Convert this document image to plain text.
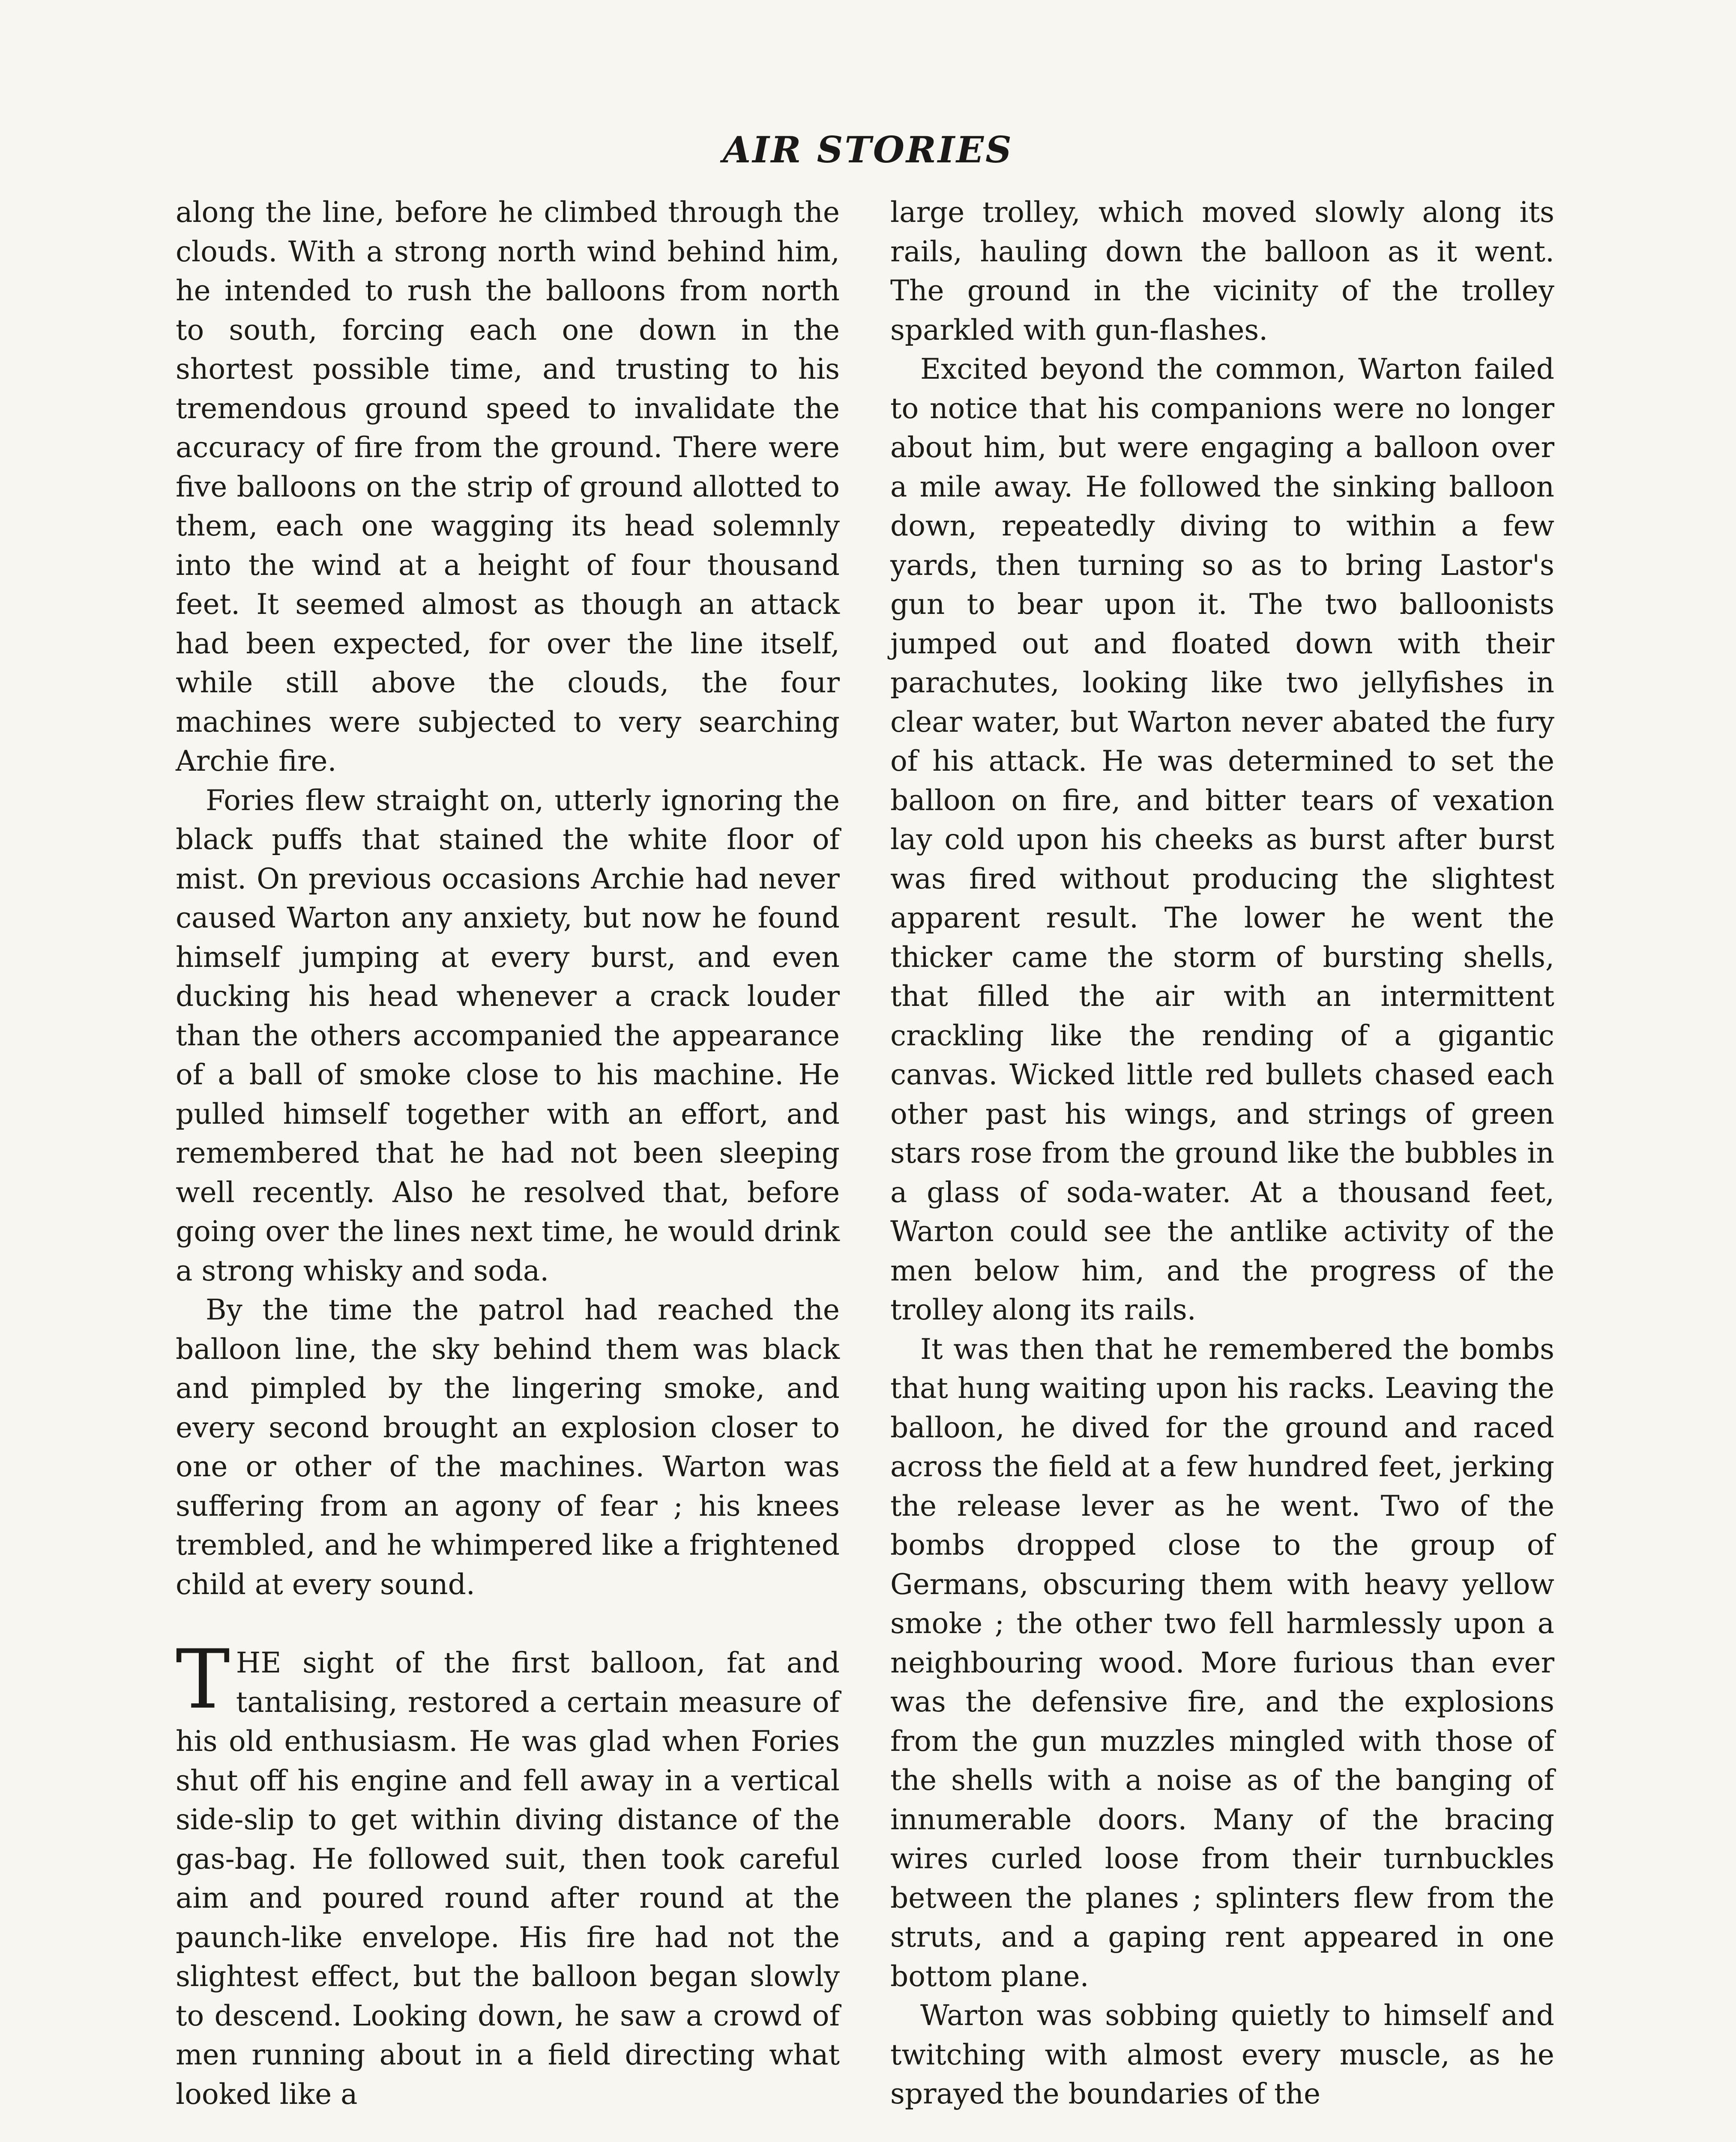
AIR STORIES

along the line, before he climbed through the clouds. With a strong north wind behind him, he intended to rush the balloons from north to south, forcing each one down in the shortest possible time, and trusting to his tremendous ground speed to invalidate the accuracy of fire from the ground. There were five balloons on the strip of ground allotted to them, each one wagging its head solemnly into the wind at a height of four thousand feet. It seemed almost as though an attack had been expected, for over the line itself, while still above the clouds, the four machines were subjected to very searching Archie fire.

Fories flew straight on, utterly ignoring the black puffs that stained the white floor of mist. On previous occasions Archie had never caused Warton any anxiety, but now he found himself jumping at every burst, and even ducking his head whenever a crack louder than the others accompanied the appearance of a ball of smoke close to his machine. He pulled himself together with an effort, and remembered that he had not been sleeping well recently. Also he resolved that, before going over the lines next time, he would drink a strong whisky and soda.

By the time the patrol had reached the balloon line, the sky behind them was black and pimpled by the lingering smoke, and every second brought an explosion closer to one or other of the machines. Warton was suffering from an agony of fear ; his knees trembled, and he whimpered like a frightened child at every sound.

THE sight of the first balloon, fat and tantalising, restored a certain measure of his old enthusiasm. He was glad when Fories shut off his engine and fell away in a vertical side-slip to get within diving distance of the gas-bag. He followed suit, then took careful aim and poured round after round at the paunch-like envelope. His fire had not the slightest effect, but the balloon began slowly to descend. Looking down, he saw a crowd of men running about in a field directing what looked like a

large trolley, which moved slowly along its rails, hauling down the balloon as it went. The ground in the vicinity of the trolley sparkled with gun-flashes.

Excited beyond the common, Warton failed to notice that his companions were no longer about him, but were engaging a balloon over a mile away. He followed the sinking balloon down, repeatedly diving to within a few yards, then turning so as to bring Lastor's gun to bear upon it. The two balloonists jumped out and floated down with their parachutes, looking like two jellyfishes in clear water, but Warton never abated the fury of his attack. He was determined to set the balloon on fire, and bitter tears of vexation lay cold upon his cheeks as burst after burst was fired without producing the slightest apparent result. The lower he went the thicker came the storm of bursting shells, that filled the air with an intermittent crackling like the rending of a gigantic canvas. Wicked little red bullets chased each other past his wings, and strings of green stars rose from the ground like the bubbles in a glass of soda-water. At a thousand feet, Warton could see the antlike activity of the men below him, and the progress of the trolley along its rails.

It was then that he remembered the bombs that hung waiting upon his racks. Leaving the balloon, he dived for the ground and raced across the field at a few hundred feet, jerking the release lever as he went. Two of the bombs dropped close to the group of Germans, obscuring them with heavy yellow smoke ; the other two fell harmlessly upon a neighbouring wood. More furious than ever was the defensive fire, and the explosions from the gun muzzles mingled with those of the shells with a noise as of the banging of innumerable doors. Many of the bracing wires curled loose from their turnbuckles between the planes ; splinters flew from the struts, and a gaping rent appeared in one bottom plane.

Warton was sobbing quietly to himself and twitching with almost every muscle, as he sprayed the boundaries of the
